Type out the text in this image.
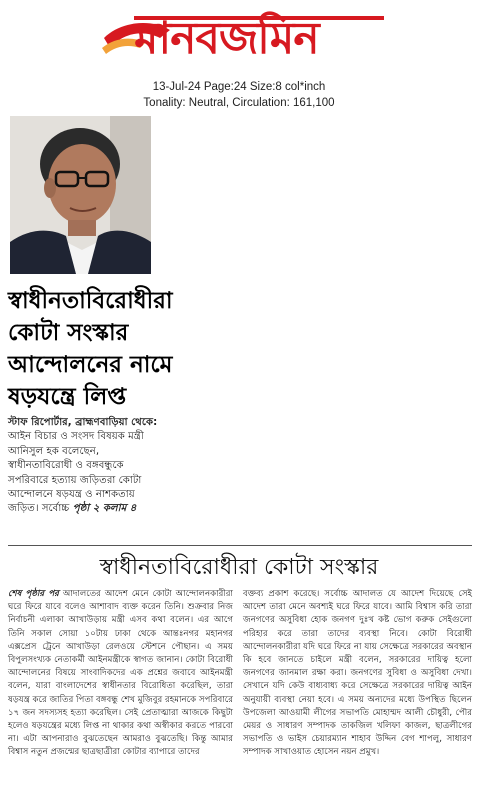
মানবজমিন
13-Jul-24 Page:24 Size:8 col*inch
Tonality: Neutral, Circulation: 161,100
স্বাধীনতাবিরোধীরা
কোটা সংস্কার
আন্দোলনের নামে
ষড়যন্ত্রে লিপ্ত
স্টাফ রিপোর্টার, ব্রাহ্মণবাড়িয়া থেকে: আইন বিচার ও সংসদ বিষয়ক মন্ত্রী আনিসুল হক বলেছেন, স্বাধীনতাবিরোধী ও বঙ্গবন্ধুকে সপরিবারে হত্যায় জড়িতরা কোটা আন্দোলনে ষড়যন্ত্র ও নাশকতায় জড়িত। সর্বোচ্চ পৃষ্ঠা ২ কলাম ৪
স্বাধীনতাবিরোধীরা কোটা সংস্কার
শেষ পৃষ্ঠার পর আদালতের আদেশ মেনে কোটা আন্দোলনকারীরা ঘরে ফিরে যাবে বলেও আশাবাদ ব্যক্ত করেন তিনি। শুক্রবার নিজ নির্বাচনী এলাকা আখাউড়ায় মন্ত্রী এসব কথা বলেন। এর আগে তিনি সকাল সোয়া ১০টায় ঢাকা থেকে আন্তঃনগর মহানগর এক্সপ্রেস ট্রেনে আখাউড়া রেলওয়ে স্টেশনে পৌছান। এ সময় বিপুলসংখ্যক নেতাকর্মী আইনমন্ত্রীকে স্বাগত জানান। কোটা বিরোধী আন্দোলনের বিষয়ে সাংবাদিকদের এক প্রশ্নের জবাবে আইনমন্ত্রী বলেন, যারা বাংলাদেশের স্বাধীনতার বিরোধিতা করেছিল, তারা ষড়যন্ত্র করে জাতির পিতা বঙ্গবন্ধু শেখ মুজিবুর রহমানকে সপরিবারে ১৭ জন সদস্যসহ হত্যা করেছিল। সেই প্রেতাত্মারা আজকে কিছুটা হলেও ষড়যন্ত্রের মধ্যে লিপ্ত না থাকার কথা অস্বীকার করতে পারবো না। এটা আপনারাও বুঝতেছেন আমরাও বুঝতেছি। কিন্তু আমার বিশ্বাস নতুন প্রজন্মের ছাত্রছাত্রীরা কোটার ব্যাপারে তাদের
বক্তব্য প্রকাশ করেছে। সর্বোচ্চ আদালত যে আদেশ দিয়েছে সেই আদেশ তারা মেনে অবশ্যই ঘরে ফিরে যাবে। আমি বিশ্বাস করি তারা জনগণের অসুবিধা হোক জনগণ দুঃখ কষ্ট ভোগ করুক সেইগুলো পরিহার করে তারা তাদের ব্যবস্থা নিবে। কোটা বিরোধী আন্দোলনকারীরা যদি ঘরে ফিরে না যায় সেক্ষেত্রে সরকারের অবস্থান কি হবে জানতে চাইলে মন্ত্রী বলেন, সরকারের দায়িত্ব হলো জনগণের জানমাল রক্ষা করা। জনগণের সুবিধা ও অসুবিধা দেখা। সেখানে যদি কেউ বাধ্যবাধ্য করে সেক্ষেত্রে সরকারের দায়িত্ব আইন অনুযায়ী ব্যবস্থা নেয়া হবে। এ সময় অন্যদের মধ্যে উপস্থিত ছিলেন উপজেলা আওয়ামী লীগের সভাপতি মোহাম্মদ আলী চৌধুরী, পৌর মেয়র ও সাধারণ সম্পাদক তাকজিল খলিফা কাজল, ছাত্রলীগের সভাপতি ও ভাইস চেয়ারম্যান শাহাব উদ্দিন বেগ শাপলু, সাধারণ সম্পাদক সাখাওয়াত হোসেন নয়ন প্রমুখ।
